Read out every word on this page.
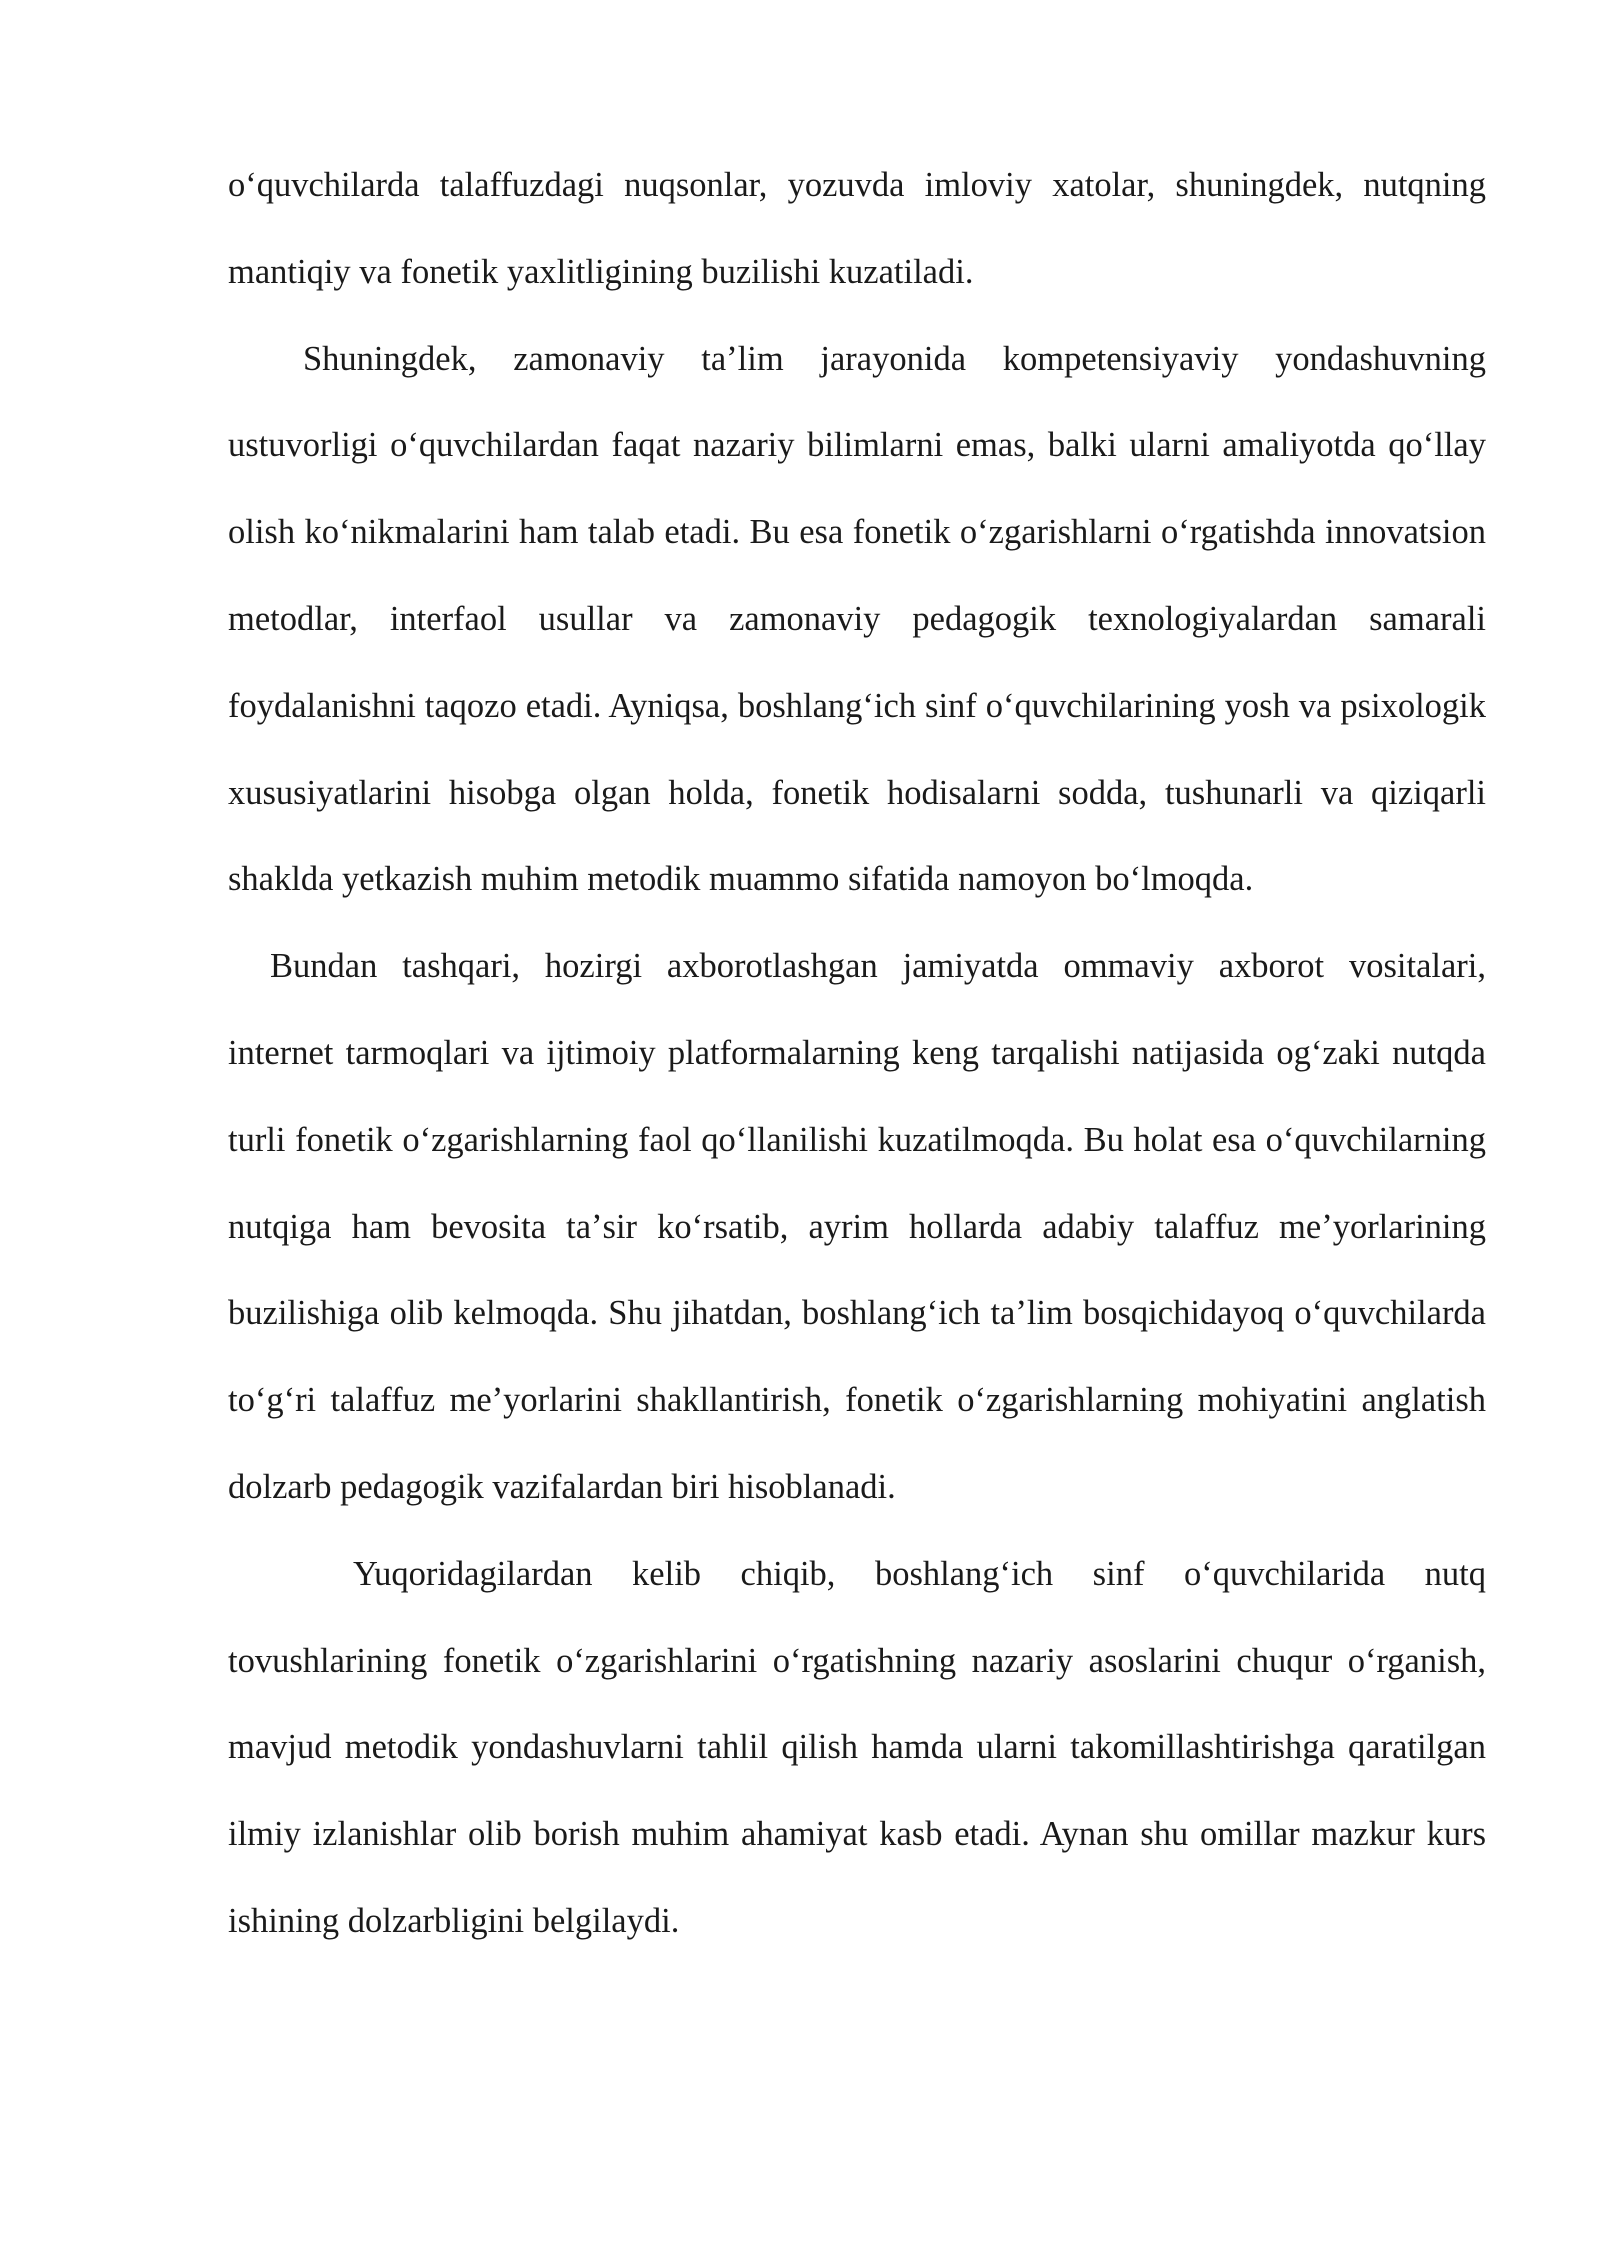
oʻquvchilarda talaffuzdagi nuqsonlar, yozuvda imloviy xatolar, shuningdek, nutqning mantiqiy va fonetik yaxlitligining buzilishi kuzatiladi.

Shuningdek, zamonaviy taʼlim jarayonida kompetensiyaviy yondashuvning ustuvorligi oʻquvchilardan faqat nazariy bilimlarni emas, balki ularni amaliyotda qoʻllay olish koʻnikmalarini ham talab etadi. Bu esa fonetik oʻzgarishlarni oʻrgatishda innovatsion metodlar, interfaol usullar va zamonaviy pedagogik texnologiyalardan samarali foydalanishni taqozo etadi. Ayniqsa, boshlangʻich sinf oʻquvchilarining yosh va psixologik xususiyatlarini hisobga olgan holda, fonetik hodisalarni sodda, tushunarli va qiziqarli shaklda yetkazish muhim metodik muammo sifatida namoyon boʻlmoqda.

Bundan tashqari, hozirgi axborotlashgan jamiyatda ommaviy axborot vositalari, internet tarmoqlari va ijtimoiy platformalarning keng tarqalishi natijasida ogʻzaki nutqda turli fonetik oʻzgarishlarning faol qoʻllanilishi kuzatilmoqda. Bu holat esa oʻquvchilarning nutqiga ham bevosita taʼsir koʻrsatib, ayrim hollarda adabiy talaffuz meʼyorlarining buzilishiga olib kelmoqda. Shu jihatdan, boshlangʻich taʼlim bosqichidayoq oʻquvchilarda toʻgʻri talaffuz meʼyorlarini shakllantirish, fonetik oʻzgarishlarning mohiyatini anglatish dolzarb pedagogik vazifalardan biri hisoblanadi.

Yuqoridagilardan kelib chiqib, boshlangʻich sinf oʻquvchilarida nutq tovushlarining fonetik oʻzgarishlarini oʻrgatishning nazariy asoslarini chuqur oʻrganish, mavjud metodik yondashuvlarni tahlil qilish hamda ularni takomillashtirishga qaratilgan ilmiy izlanishlar olib borish muhim ahamiyat kasb etadi. Aynan shu omillar mazkur kurs ishining dolzarbligini belgilaydi.
